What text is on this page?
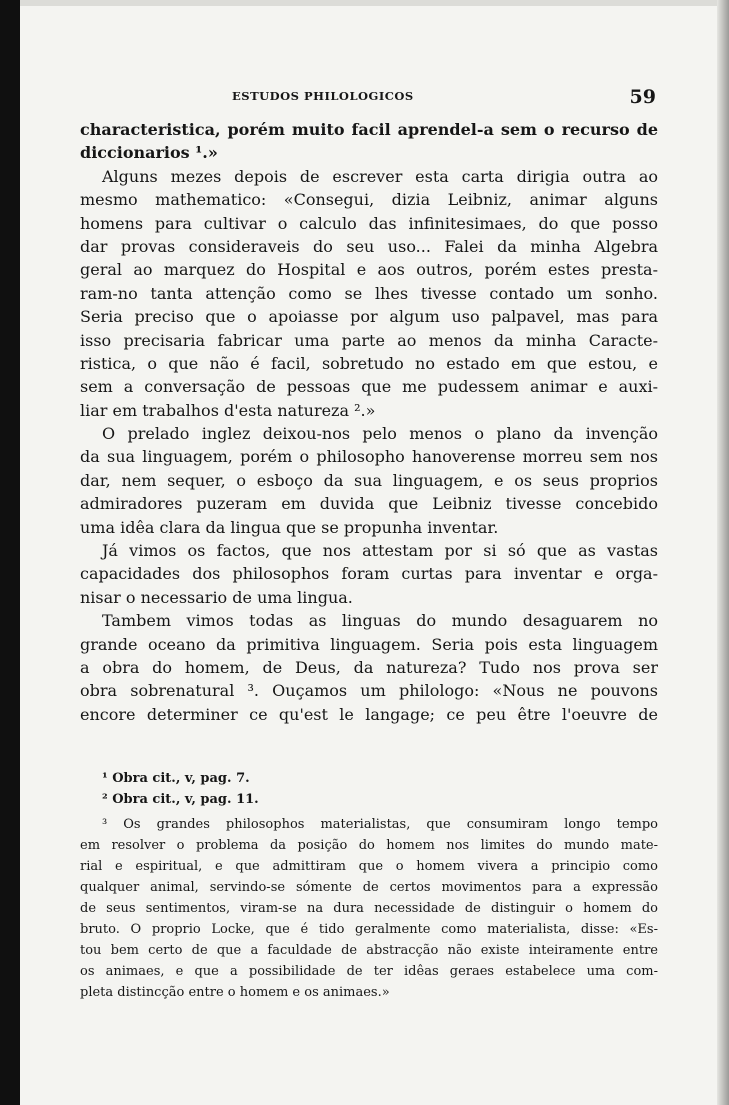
ESTUDOS PHILOLOGICOS	59
characteristica, porém muito facil aprendel-a sem o recurso de
diccionarios ¹.»
Alguns mezes depois de escrever esta carta dirigia outra ao
mesmo mathematico: «Consegui, dizia Leibniz, animar alguns
homens para cultivar o calculo das infinitesimaes, do que posso
dar provas consideraveis do seu uso... Falei da minha Algebra
geral ao marquez do Hospital e aos outros, porém estes presta-
ram-no tanta attenção como se lhes tivesse contado um sonho.
Seria preciso que o apoiasse por algum uso palpavel, mas para
isso precisaria fabricar uma parte ao menos da minha Caracte-
ristica, o que não é facil, sobretudo no estado em que estou, e
sem a conversação de pessoas que me pudessem animar e auxi-
liar em trabalhos d'esta natureza ².»
O prelado inglez deixou-nos pelo menos o plano da invenção
da sua linguagem, porém o philosopho hanoverense morreu sem nos
dar, nem sequer, o esboço da sua linguagem, e os seus proprios
admiradores puzeram em duvida que Leibniz tivesse concebido
uma idêa clara da lingua que se propunha inventar.
Já vimos os factos, que nos attestam por si só que as vastas
capacidades dos philosophos foram curtas para inventar e orga-
nisar o necessario de uma lingua.
Tambem vimos todas as linguas do mundo desaguarem no
grande oceano da primitiva linguagem. Seria pois esta linguagem
a obra do homem, de Deus, da natureza? Tudo nos prova ser
obra sobrenatural ³. Ouçamos um philologo: «Nous ne pouvons
encore determiner ce qu'est le langage; ce peu être l'oeuvre de
¹ Obra cit., v, pag. 7.
² Obra cit., v, pag. 11.
³ Os grandes philosophos materialistas, que consumiram longo tempo
em resolver o problema da posição do homem nos limites do mundo mate-
rial e espiritual, e que admittiram que o homem vivera a principio como
qualquer animal, servindo-se sómente de certos movimentos para a expressão
de seus sentimentos, viram-se na dura necessidade de distinguir o homem do
bruto. O proprio Locke, que é tido geralmente como materialista, disse: «Es-
tou bem certo de que a faculdade de abstracção não existe inteiramente entre
os animaes, e que a possibilidade de ter idêas geraes estabelece uma com-
pleta distincção entre o homem e os animaes.»
